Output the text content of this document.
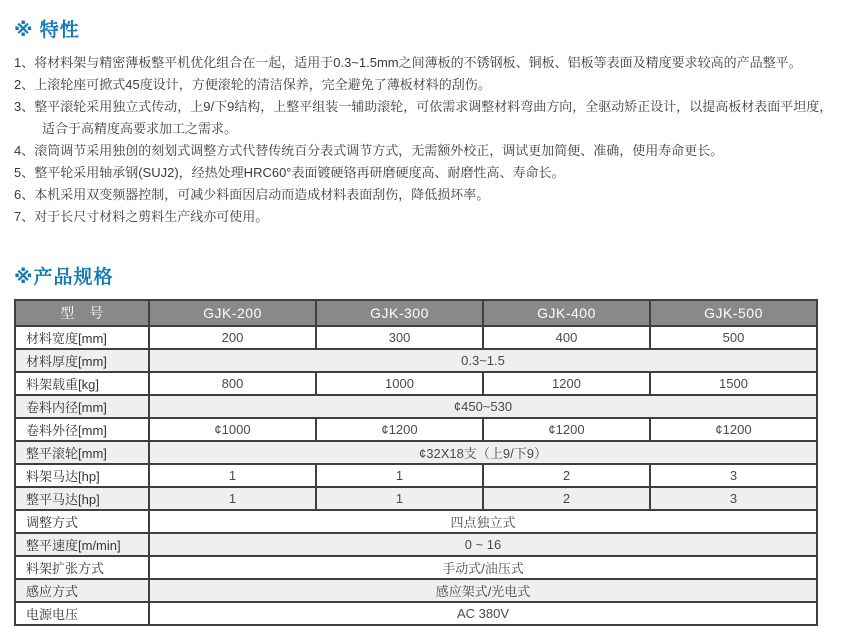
※ 特性
1、将材料架与精密薄板整平机优化组合在一起，适用于0.3~1.5mm之间薄板的不锈钢板、铜板、铝板等表面及精度要求较高的产品整平。
2、上滚轮座可掀式45度设计，方便滚轮的清洁保养，完全避免了薄板材料的刮伤。
3、整平滚轮采用独立式传动，上9/下9结构，上整平组装一辅助滚轮，可依需求调整材料弯曲方向，全驱动矫正设计，以提高板材表面平坦度，适合于高精度高要求加工之需求。
4、滚筒调节采用独创的刻划式调整方式代替传统百分表式调节方式，无需额外校正，调试更加简便、准确，使用寿命更长。
5、整平轮采用轴承钢(SUJ2)，经热处理HRC60°表面镀硬铬再研磨硬度高、耐磨性高、寿命长。
6、本机采用双变频器控制，可减少料面因启动而造成材料表面刮伤，降低损坏率。
7、对于长尺寸材料之剪料生产线亦可使用。
※产品规格
型　号	GJK-200	GJK-300	GJK-400	GJK-500
材料宽度[mm]	200	300	400	500
材料厚度[mm]	0.3~1.5			
料架载重[kg]	800	1000	1200	1500
卷料内径[mm]	¢450~530			
卷料外径[mm]	¢1000	¢1200	¢1200	¢1200
整平滚轮[mm]	¢32X18支（上9/下9）			
料架马达[hp]	1	1	2	3
整平马达[hp]	1	1	2	3
调整方式	四点独立式			
整平速度[m/min]	0 ~ 16			
料架扩张方式	手动式/油压式			
感应方式	感应架式/光电式			
电源电压	AC 380V			
